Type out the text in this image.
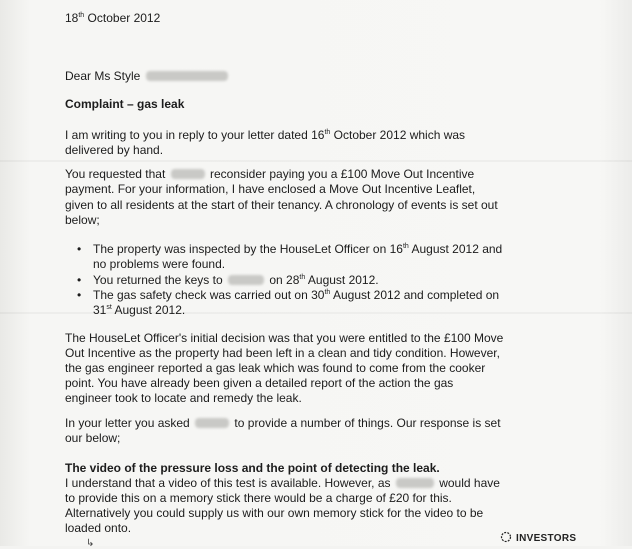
18th October 2012
Dear Ms Style
Complaint – gas leak
I am writing to you in reply to your letter dated 16th October 2012 which was
delivered by hand.
You requested that	reconsider paying you a £100 Move Out Incentive
payment. For your information, I have enclosed a Move Out Incentive Leaflet,
given to all residents at the start of their tenancy. A chronology of events is set out
below;
• The property was inspected by the HouseLet Officer on 16th August 2012 and
no problems were found.
• You returned the keys to	on 28th August 2012.
• The gas safety check was carried out on 30th August 2012 and completed on
31st August 2012.
The HouseLet Officer's initial decision was that you were entitled to the £100 Move
Out Incentive as the property had been left in a clean and tidy condition. However,
the gas engineer reported a gas leak which was found to come from the cooker
point. You have already been given a detailed report of the action the gas
engineer took to locate and remedy the leak.
In your letter you asked	to provide a number of things. Our response is set
our below;
The video of the pressure loss and the point of detecting the leak.
I understand that a video of this test is available. However, as	would have
to provide this on a memory stick there would be a charge of £20 for this.
Alternatively you could supply us with our own memory stick for the video to be
loaded onto.
↳	INVESTORS
